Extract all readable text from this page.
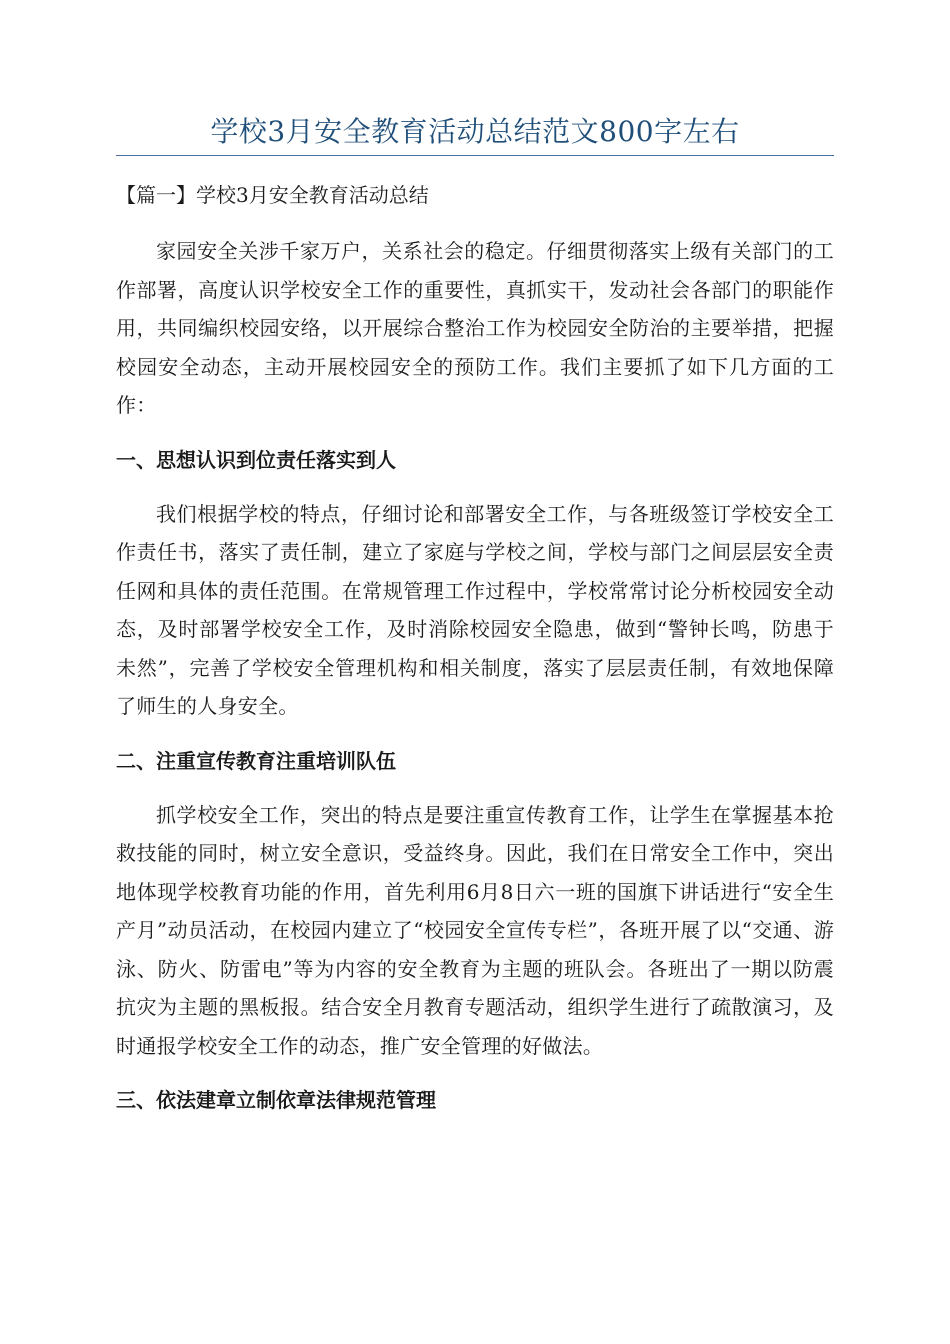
学校3月安全教育活动总结范文800字左右
【篇一】学校3月安全教育活动总结

家园安全关涉千家万户，关系社会的稳定。仔细贯彻落实上级有关部门的工作部署，高度认识学校安全工作的重要性，真抓实干，发动社会各部门的职能作用，共同编织校园安络，以开展综合整治工作为校园安全防治的主要举措，把握校园安全动态，主动开展校园安全的预防工作。我们主要抓了如下几方面的工作：

一、思想认识到位责任落实到人

我们根据学校的特点，仔细讨论和部署安全工作，与各班级签订学校安全工作责任书，落实了责任制，建立了家庭与学校之间，学校与部门之间层层安全责任网和具体的责任范围。在常规管理工作过程中，学校常常讨论分析校园安全动态，及时部署学校安全工作，及时消除校园安全隐患，做到“警钟长鸣，防患于未然”，完善了学校安全管理机构和相关制度，落实了层层责任制，有效地保障了师生的人身安全。

二、注重宣传教育注重培训队伍

抓学校安全工作，突出的特点是要注重宣传教育工作，让学生在掌握基本抢救技能的同时，树立安全意识，受益终身。因此，我们在日常安全工作中，突出地体现学校教育功能的作用，首先利用6月8日六一班的国旗下讲话进行“安全生产月”动员活动，在校园内建立了“校园安全宣传专栏”，各班开展了以“交通、游泳、防火、防雷电”等为内容的安全教育为主题的班队会。各班出了一期以防震抗灾为主题的黑板报。结合安全月教育专题活动，组织学生进行了疏散演习，及时通报学校安全工作的动态，推广安全管理的好做法。

三、依法建章立制依章法律规范管理
